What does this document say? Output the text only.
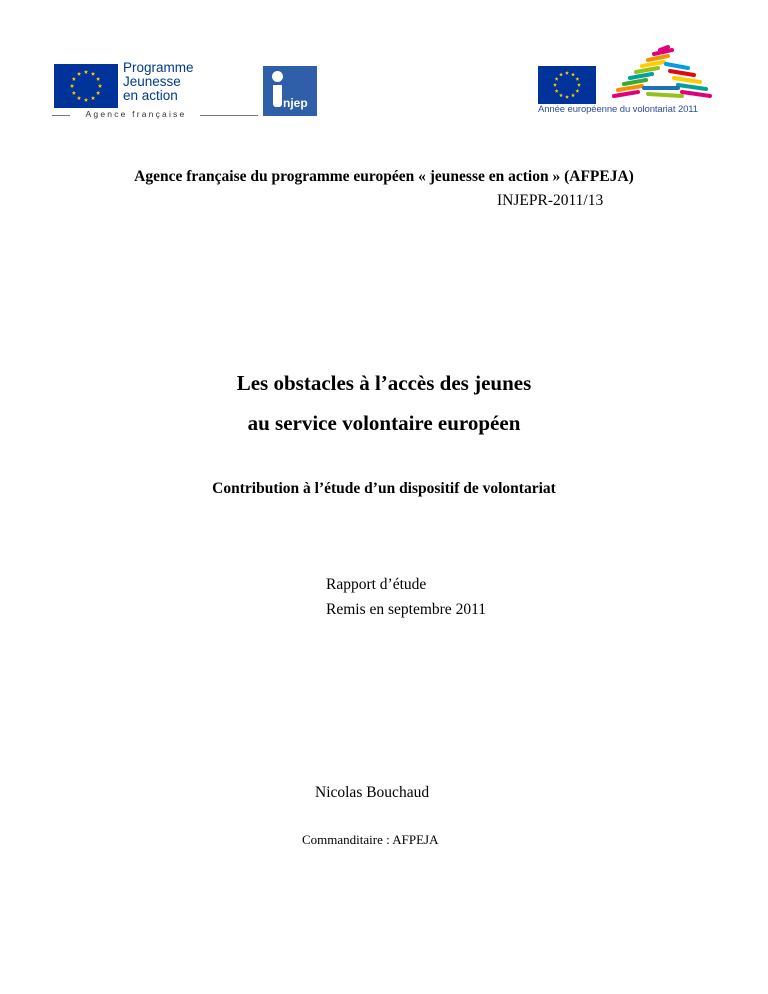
Programme
Jeunesse
en action
Agence française
njep	Année européenne du volontariat 2011
Agence française du programme européen « jeunesse en action » (AFPEJA)
INJEPR-2011/13
Les obstacles à l’accès des jeunes
au service volontaire européen
Contribution à l’étude d’un dispositif de volontariat
Rapport d’étude
Remis en septembre 2011
Nicolas Bouchaud
Commanditaire : AFPEJA
